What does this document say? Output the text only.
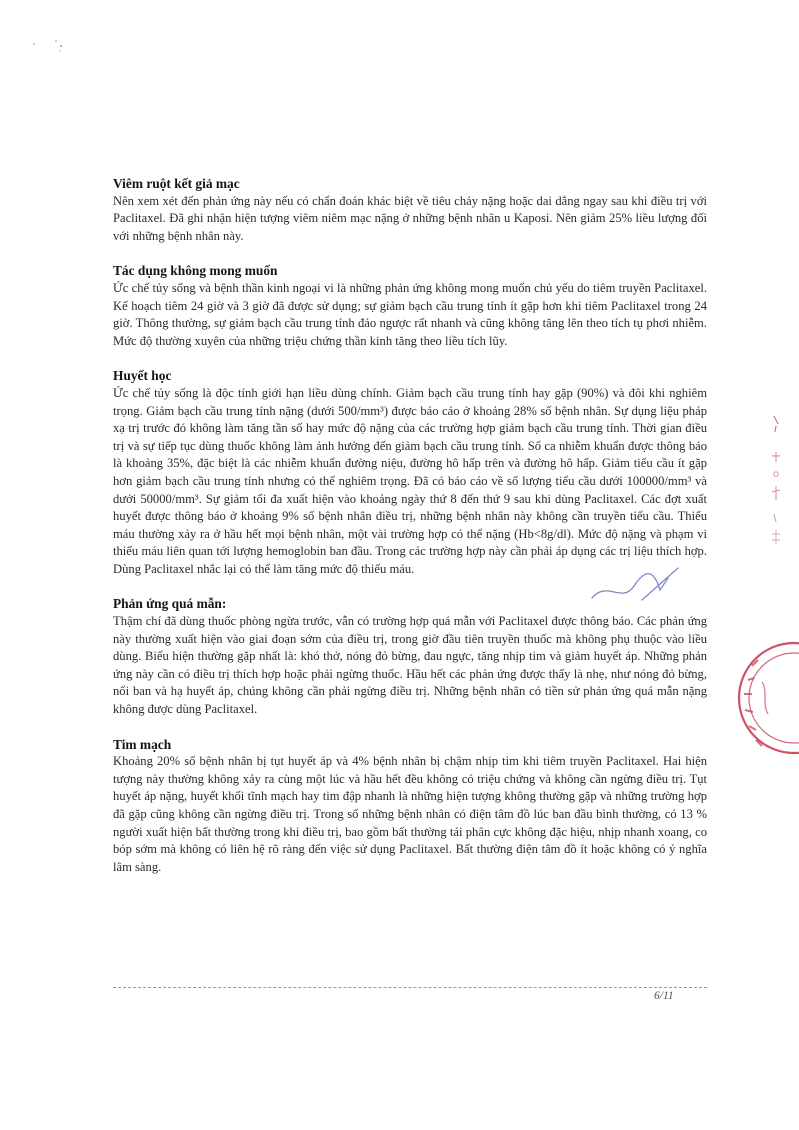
Viêm ruột kết giả mạc

Nên xem xét đến phản ứng này nếu có chẩn đoán khác biệt về tiêu chảy nặng hoặc dai dẳng ngay sau khi điều trị với Paclitaxel. Đã ghi nhận hiện tượng viêm niêm mạc nặng ở những bệnh nhân u Kaposi. Nên giảm 25% liều lượng đối với những bệnh nhân này.

Tác dụng không mong muốn

Ức chế tủy sống và bệnh thần kinh ngoại vi là những phản ứng không mong muốn chủ yếu do tiêm truyền Paclitaxel. Kế hoạch tiêm 24 giờ và 3 giờ đã được sử dụng; sự giảm bạch cầu trung tính ít gặp hơn khi tiêm Paclitaxel trong 24 giờ. Thông thường, sự giảm bạch cầu trung tính đảo ngược rất nhanh và cũng không tăng lên theo tích tụ phơi nhiễm. Mức độ thường xuyên của những triệu chứng thần kinh tăng theo liều tích lũy.

Huyết học

Ức chế tủy sống là độc tính giới hạn liều dùng chính. Giảm bạch cầu trung tính hay gặp (90%) và đôi khi nghiêm trọng. Giảm bạch cầu trung tính nặng (dưới 500/mm³) được báo cáo ở khoảng 28% số bệnh nhân. Sự dụng liệu pháp xạ trị trước đó không làm tăng tần số hay mức độ nặng của các trường hợp giảm bạch cầu trung tính. Thời gian điều trị và sự tiếp tục dùng thuốc không làm ảnh hưởng đến giảm bạch cầu trung tính. Số ca nhiễm khuẩn được thông báo là khoảng 35%, đặc biệt là các nhiễm khuẩn đường niệu, đường hô hấp trên và đường hô hấp. Giảm tiểu cầu ít gặp hơn giảm bạch cầu trung tính nhưng có thể nghiêm trọng. Đã có báo cáo về số lượng tiểu cầu dưới 100000/mm³ và dưới 50000/mm³. Sự giảm tối đa xuất hiện vào khoảng ngày thứ 8 đến thứ 9 sau khi dùng Paclitaxel. Các đợt xuất huyết được thông báo ở khoảng 9% số bệnh nhân điều trị, những bệnh nhân này không cần truyền tiểu cầu. Thiếu máu thường xảy ra ở hầu hết mọi bệnh nhân, một vài trường hợp có thể nặng (Hb<8g/dl). Mức độ nặng và phạm vi thiếu máu liên quan tới lượng hemoglobin ban đầu. Trong các trường hợp này cần phải áp dụng các trị liệu thích hợp. Dùng Paclitaxel nhắc lại có thể làm tăng mức độ thiếu máu.

Phản ứng quá mẫn:

Thậm chí đã dùng thuốc phòng ngừa trước, vẫn có trường hợp quá mẫn với Paclitaxel được thông báo. Các phản ứng này thường xuất hiện vào giai đoạn sớm của điều trị, trong giờ đầu tiên truyền thuốc mà không phụ thuộc vào liều dùng. Biểu hiện thường gặp nhất là: khó thở, nóng đỏ bừng, đau ngực, tăng nhịp tim và giảm huyết áp. Những phản ứng này cần có điều trị thích hợp hoặc phải ngừng thuốc. Hầu hết các phản ứng được thấy là nhẹ, như nóng đỏ bừng, nổi ban và hạ huyết áp, chúng không cần phải ngừng điều trị. Những bệnh nhân có tiền sử phản ứng quá mẫn nặng không được dùng Paclitaxel.

Tim mạch

Khoảng 20% số bệnh nhân bị tụt huyết áp và 4% bệnh nhân bị chậm nhịp tim khi tiêm truyền Paclitaxel. Hai hiện tượng này thường không xảy ra cùng một lúc và hầu hết đều không có triệu chứng và không cần ngừng điều trị. Tụt huyết áp nặng, huyết khối tĩnh mạch hay tim đập nhanh là những hiện tượng không thường gặp và những trường hợp đã gặp cũng không cần ngừng điều trị. Trong số những bệnh nhân có điện tâm đồ lúc ban đầu bình thường, có 13 % người xuất hiện bất thường trong khi điều trị, bao gồm bất thường tái phân cực không đặc hiệu, nhịp nhanh xoang, co bóp sớm mà không có liên hệ rõ ràng đến việc sử dụng Paclitaxel. Bất thường điện tâm đồ ít hoặc không có ý nghĩa lâm sàng.

6/11
